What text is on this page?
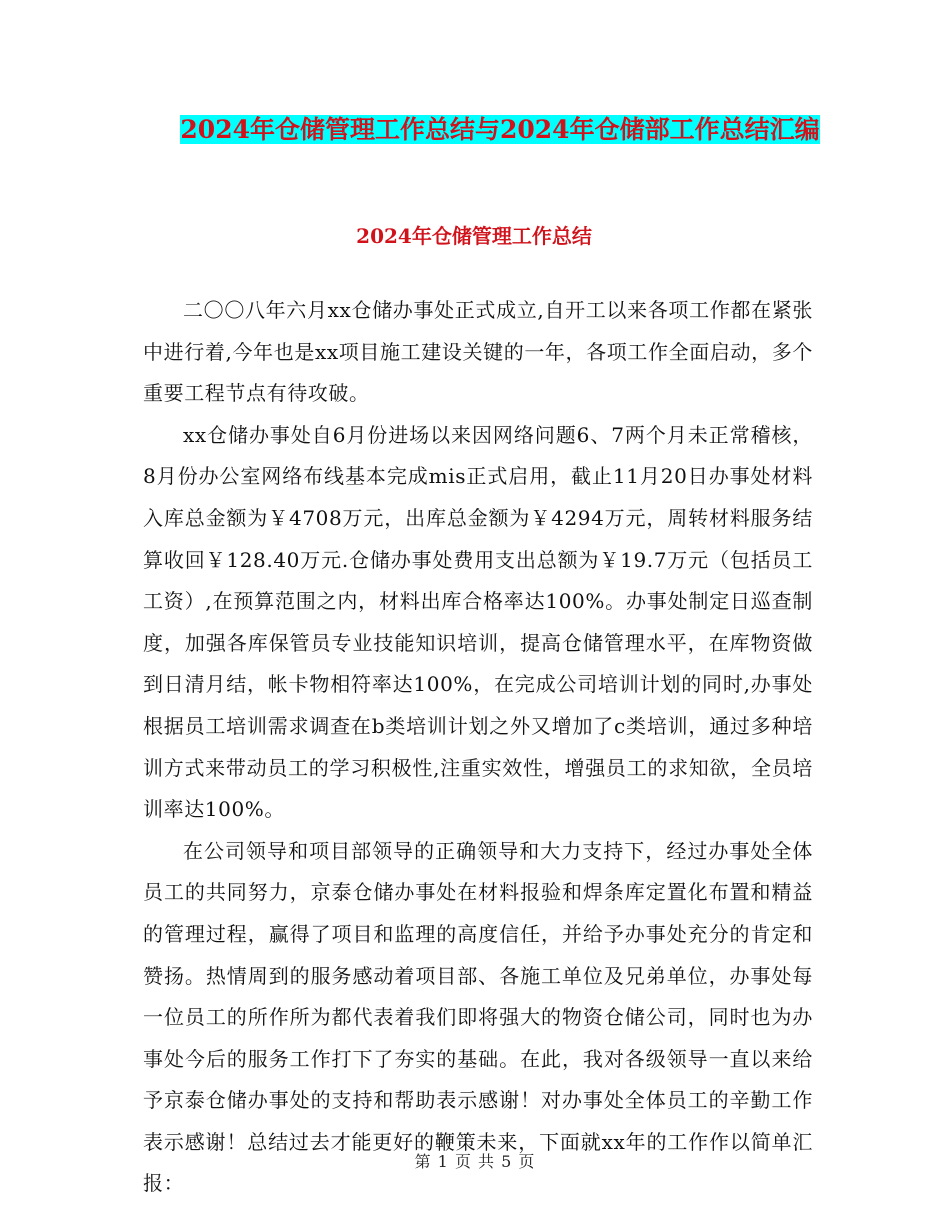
2024年仓储管理工作总结与2024年仓储部工作总结汇编
2024年仓储管理工作总结

二〇〇八年六月xx仓储办事处正式成立,自开工以来各项工作都在紧张中进行着,今年也是xx项目施工建设关键的一年，各项工作全面启动，多个重要工程节点有待攻破。

xx仓储办事处自6月份进场以来因网络问题6、7两个月未正常稽核，8月份办公室网络布线基本完成mis正式启用，截止11月20日办事处材料入库总金额为￥4708万元，出库总金额为￥4294万元，周转材料服务结算收回￥128.40万元.仓储办事处费用支出总额为￥19.7万元（包括员工工资）,在预算范围之内，材料出库合格率达100%。办事处制定日巡查制度，加强各库保管员专业技能知识培训，提高仓储管理水平，在库物资做到日清月结，帐卡物相符率达100%，在完成公司培训计划的同时,办事处根据员工培训需求调查在b类培训计划之外又增加了c类培训，通过多种培训方式来带动员工的学习积极性,注重实效性，增强员工的求知欲，全员培训率达100%。

在公司领导和项目部领导的正确领导和大力支持下，经过办事处全体员工的共同努力，京泰仓储办事处在材料报验和焊条库定置化布置和精益的管理过程，赢得了项目和监理的高度信任，并给予办事处充分的肯定和赞扬。热情周到的服务感动着项目部、各施工单位及兄弟单位，办事处每一位员工的所作所为都代表着我们即将强大的物资仓储公司，同时也为办事处今后的服务工作打下了夯实的基础。在此，我对各级领导一直以来给予京泰仓储办事处的支持和帮助表示感谢！对办事处全体员工的辛勤工作表示感谢！总结过去才能更好的鞭策未来，下面就xx年的工作作以简单汇报：

第 1 页 共 5 页
